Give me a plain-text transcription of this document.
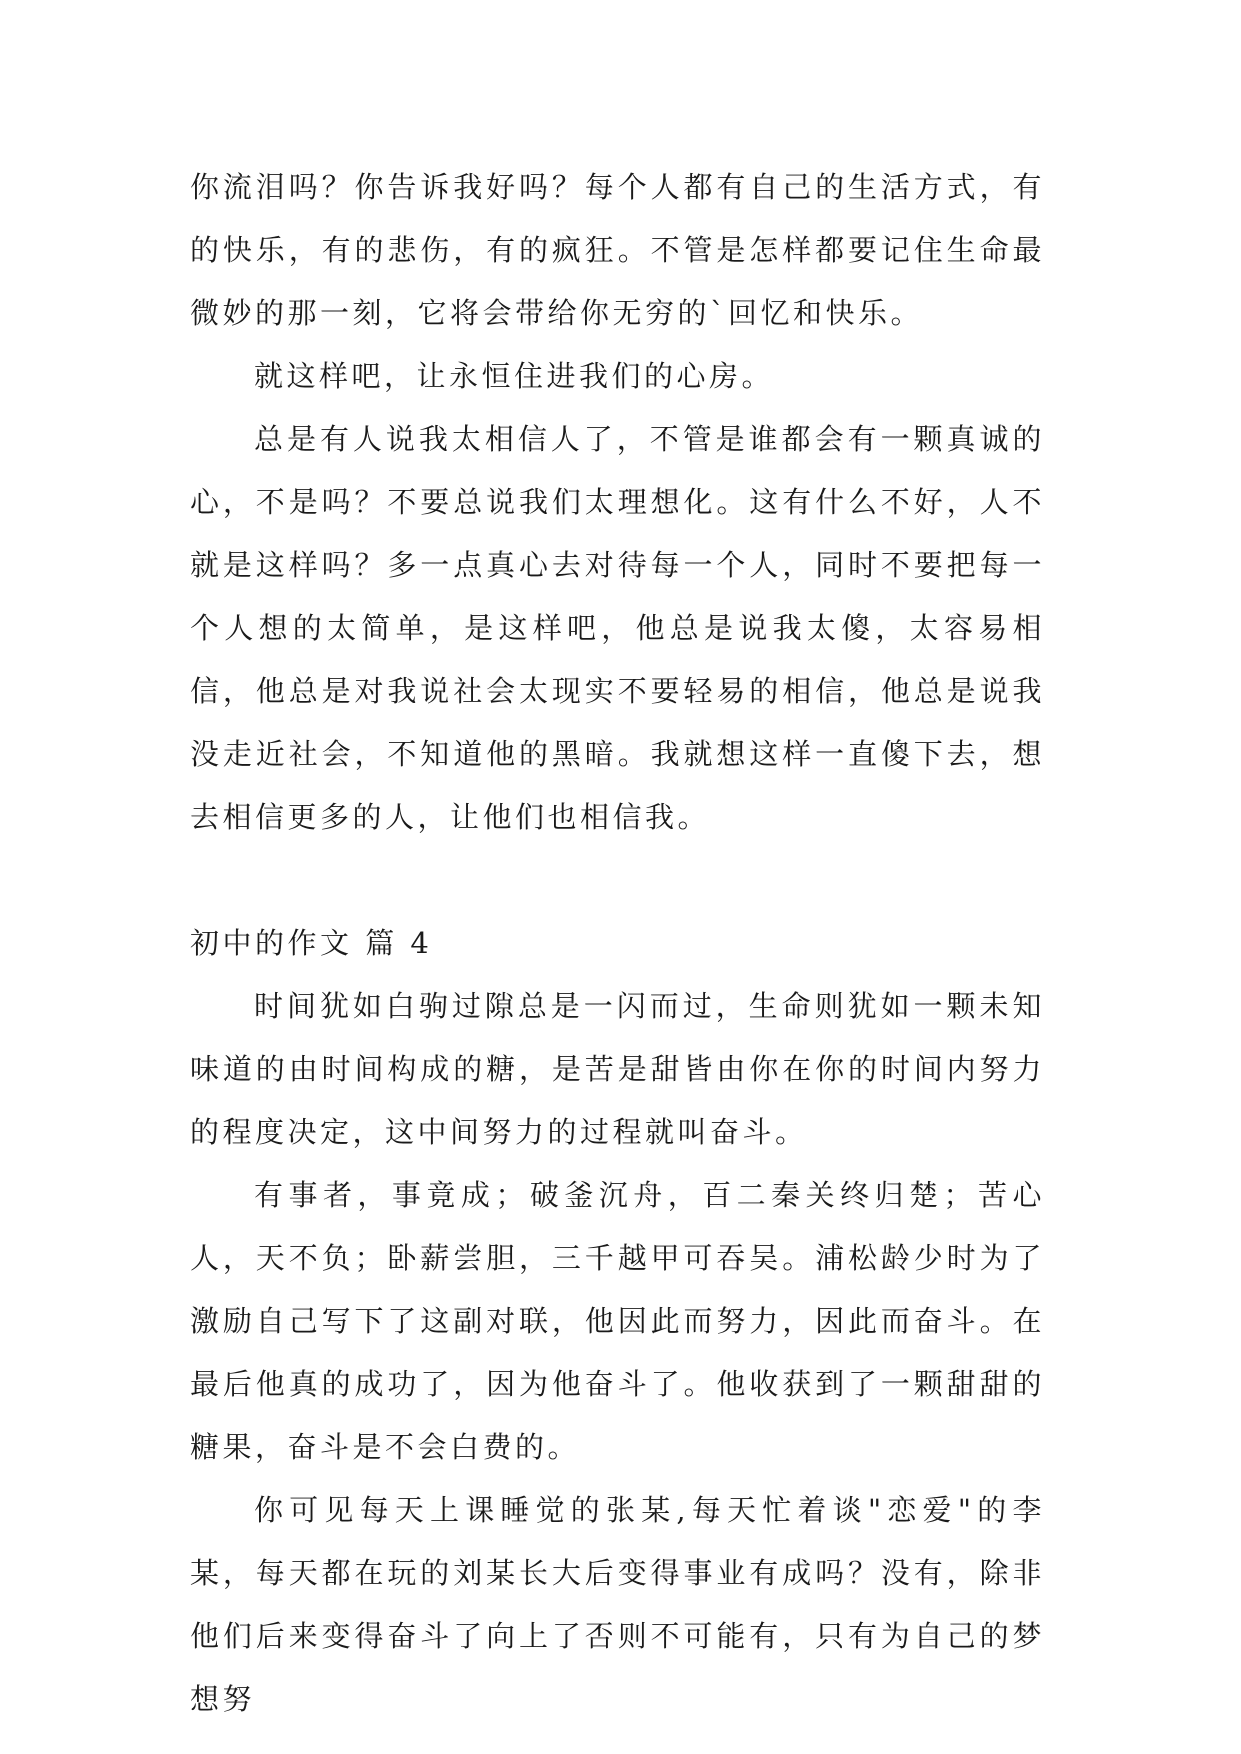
你流泪吗？你告诉我好吗？每个人都有自己的生活方式，有的快乐，有的悲伤，有的疯狂。不管是怎样都要记住生命最微妙的那一刻，它将会带给你无穷的`回忆和快乐。

就这样吧，让永恒住进我们的心房。

总是有人说我太相信人了，不管是谁都会有一颗真诚的心，不是吗？不要总说我们太理想化。这有什么不好，人不就是这样吗？多一点真心去对待每一个人，同时不要把每一个人想的太简单，是这样吧，他总是说我太傻，太容易相信，他总是对我说社会太现实不要轻易的相信，他总是说我没走近社会，不知道他的黑暗。我就想这样一直傻下去，想去相信更多的人，让他们也相信我。

初中的作文 篇 4

时间犹如白驹过隙总是一闪而过，生命则犹如一颗未知味道的由时间构成的糖，是苦是甜皆由你在你的时间内努力的程度决定，这中间努力的过程就叫奋斗。

有事者，事竟成；破釜沉舟，百二秦关终归楚；苦心人，天不负；卧薪尝胆，三千越甲可吞吴。浦松龄少时为了激励自己写下了这副对联，他因此而努力，因此而奋斗。在最后他真的成功了，因为他奋斗了。他收获到了一颗甜甜的糖果，奋斗是不会白费的。

你可见每天上课睡觉的张某,每天忙着谈"恋爱"的李某，每天都在玩的刘某长大后变得事业有成吗？没有，除非他们后来变得奋斗了向上了否则不可能有，只有为自己的梦想努
